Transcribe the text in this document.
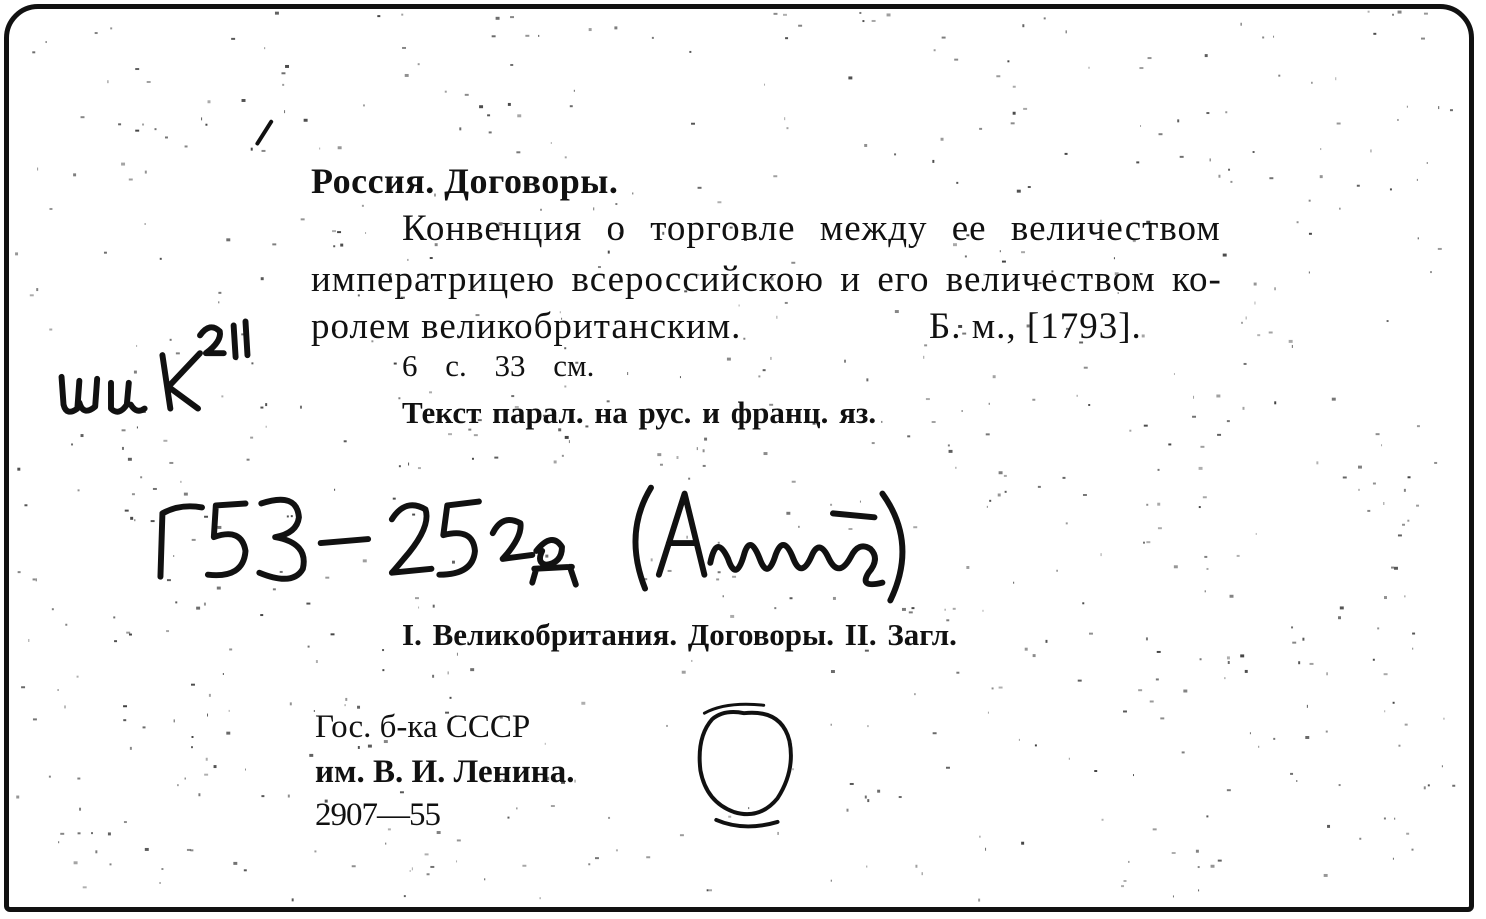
Россия. Договоры.
Конвенция о торговле между ее величеством
императрицею всероссийскою и его величеством ко-
ролем великобританским.	Б. м., [1793].
6 с. 33 см.
Текст парал. на рус. и франц. яз.
I. Великобритания. Договоры. II. Загл.
Гос. б-ка СССР
им. В. И. Ленина.
2907—55
